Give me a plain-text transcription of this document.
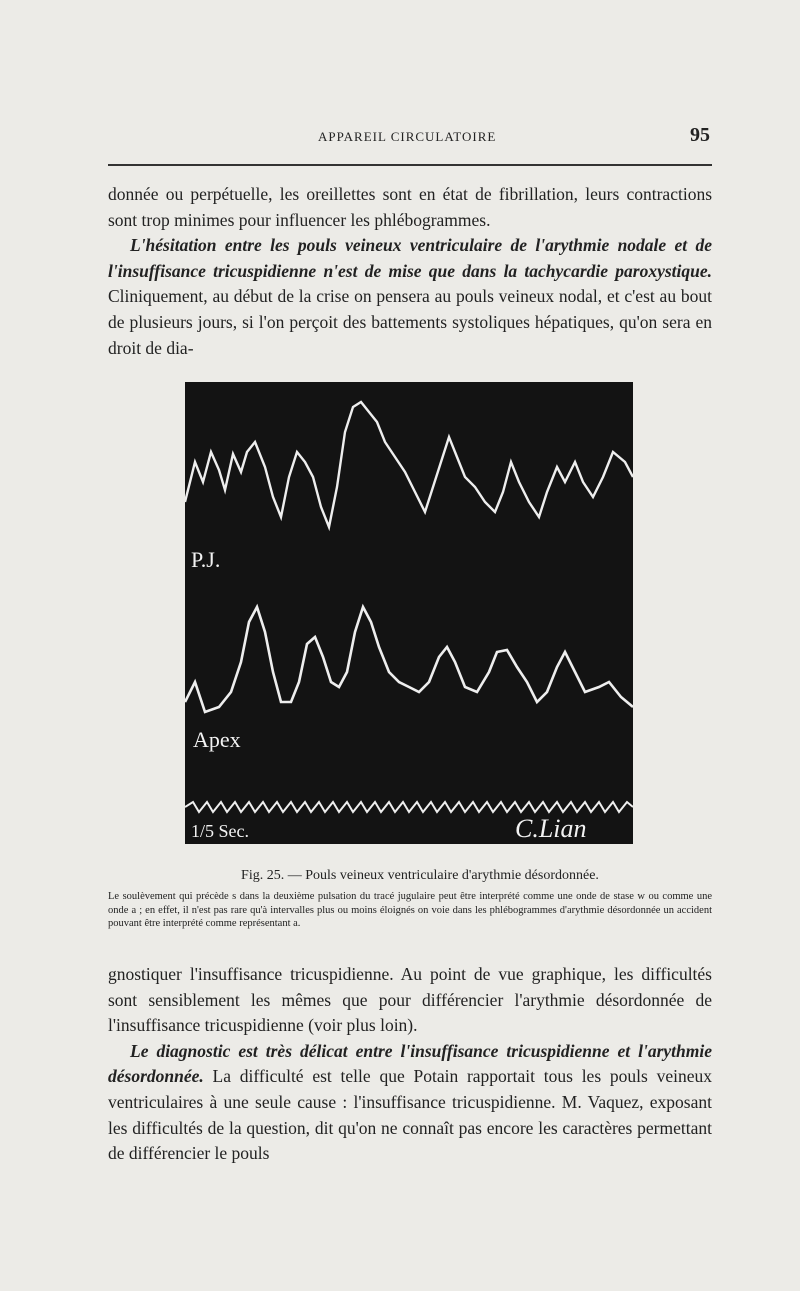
APPAREIL CIRCULATOIRE	95

donnée ou perpétuelle, les oreillettes sont en état de fibrillation, leurs contractions sont trop minimes pour influencer les phlébogrammes.

L'hésitation entre les pouls veineux ventriculaire de l'arythmie nodale et de l'insuffisance tricuspidienne n'est de mise que dans la tachycardie paroxystique. Cliniquement, au début de la crise on pensera au pouls veineux nodal, et c'est au bout de plusieurs jours, si l'on perçoit des battements systoliques hépatiques, qu'on sera en droit de dia-

P.J.
Apex
1/5 Sec.	C.Lian
Fig. 25. — Pouls veineux ventriculaire d'arythmie désordonnée.
Le soulèvement qui précède s dans la deuxième pulsation du tracé jugulaire peut être interprété comme une onde de stase w ou comme une onde a ; en effet, il n'est pas rare qu'à intervalles plus ou moins éloignés on voie dans les phlébogrammes d'arythmie désordonnée un accident pouvant être interprété comme représentant a.

gnostiquer l'insuffisance tricuspidienne. Au point de vue graphique, les difficultés sont sensiblement les mêmes que pour différencier l'arythmie désordonnée de l'insuffisance tricuspidienne (voir plus loin).

Le diagnostic est très délicat entre l'insuffisance tricuspidienne et l'arythmie désordonnée. La difficulté est telle que Potain rapportait tous les pouls veineux ventriculaires à une seule cause : l'insuffisance tricuspidienne. M. Vaquez, exposant les difficultés de la question, dit qu'on ne connaît pas encore les caractères permettant de différencier le pouls
